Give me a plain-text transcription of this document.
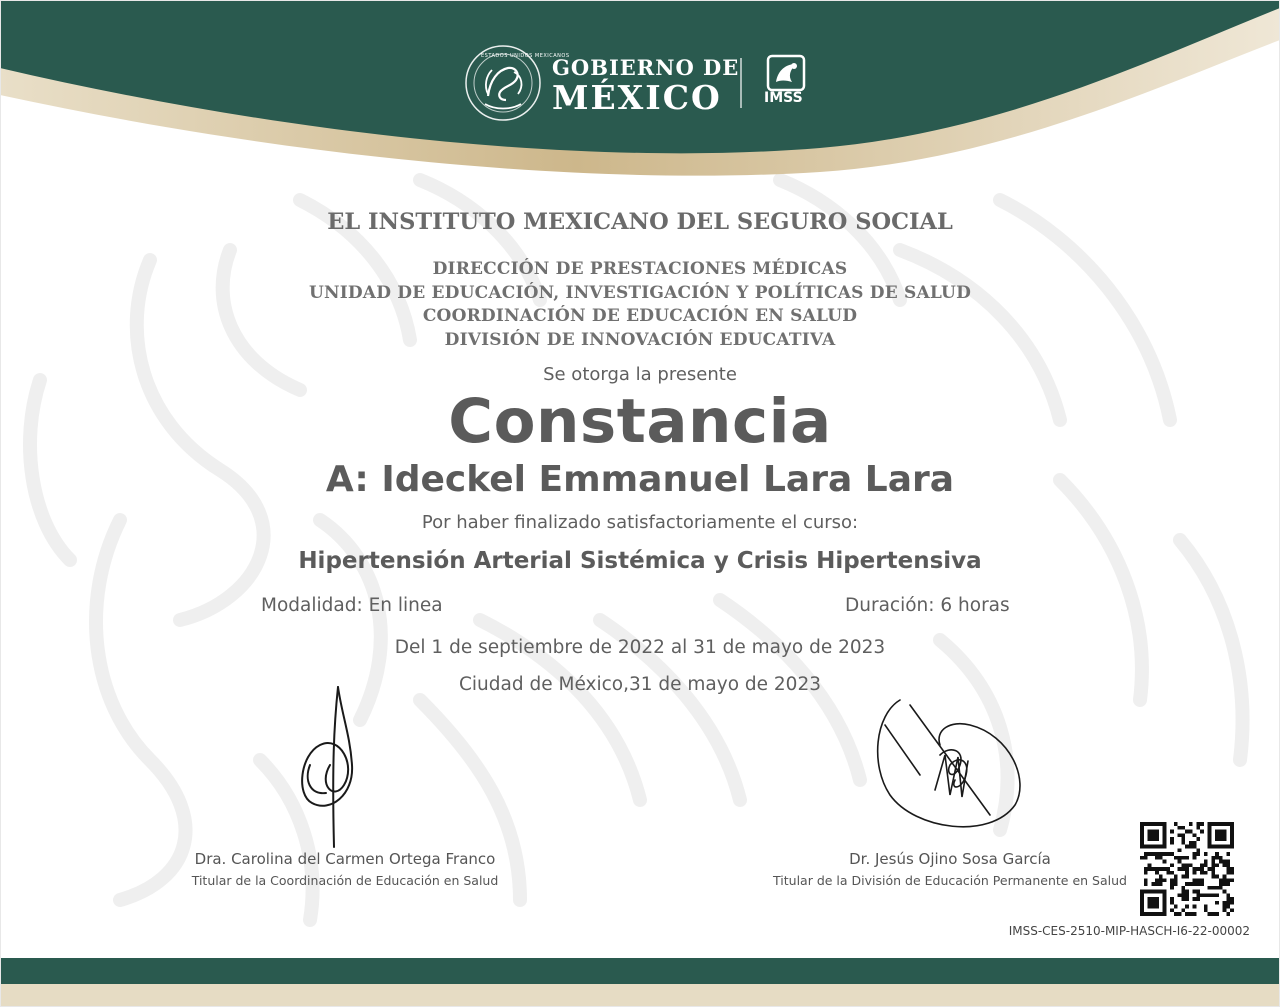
ESTADOS UNIDOS MEXICANOS

GOBIERNO DE

MÉXICO	IMSS

EL INSTITUTO MEXICANO DEL SEGURO SOCIAL

DIRECCIÓN DE PRESTACIONES MÉDICAS

UNIDAD DE EDUCACIÓN, INVESTIGACIÓN Y POLÍTICAS DE SALUD

COORDINACIÓN DE EDUCACIÓN EN SALUD

DIVISIÓN DE INNOVACIÓN EDUCATIVA

Se otorga la presente

Constancia

A: Ideckel Emmanuel Lara Lara

Por haber finalizado satisfactoriamente el curso:

Hipertensión Arterial Sistémica y Crisis Hipertensiva

Modalidad: En linea	Duración: 6 horas

Del 1 de septiembre de 2022 al 31 de mayo de 2023

Ciudad de México,31 de mayo de 2023

Dra. Carolina del Carmen Ortega Franco

Titular de la Coordinación de Educación en Salud

Dr. Jesús Ojino Sosa García

Titular de la División de Educación Permanente en Salud

IMSS-CES-2510-MIP-HASCH-I6-22-00002
